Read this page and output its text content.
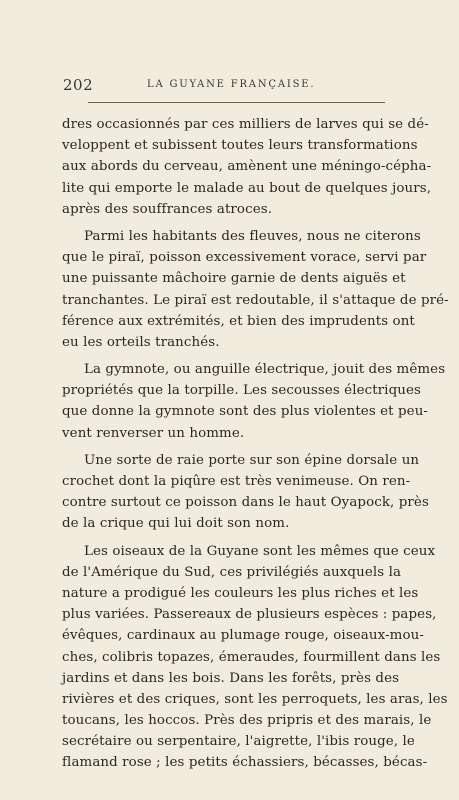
202	LA GUYANE FRANÇAISE.
dres occasionnés par ces milliers de larves qui se dé-
veloppent et subissent toutes leurs transformations
aux abords du cerveau, amènent une méningo-cépha-
lite qui emporte le malade au bout de quelques jours,
après des souffrances atroces.
Parmi les habitants des fleuves, nous ne citerons
que le piraï, poisson excessivement vorace, servi par
une puissante mâchoire garnie de dents aiguës et
tranchantes. Le piraï est redoutable, il s'attaque de pré-
férence aux extrémités, et bien des imprudents ont
eu les orteils tranchés.
La gymnote, ou anguille électrique, jouit des mêmes
propriétés que la torpille. Les secousses électriques
que donne la gymnote sont des plus violentes et peu-
vent renverser un homme.
Une sorte de raie porte sur son épine dorsale un
crochet dont la piqûre est très venimeuse. On ren-
contre surtout ce poisson dans le haut Oyapock, près
de la crique qui lui doit son nom.
Les oiseaux de la Guyane sont les mêmes que ceux
de l'Amérique du Sud, ces privilégiés auxquels la
nature a prodigué les couleurs les plus riches et les
plus variées. Passereaux de plusieurs espèces : papes,
évêques, cardinaux au plumage rouge, oiseaux-mou-
ches, colibris topazes, émeraudes, fourmillent dans les
jardins et dans les bois. Dans les forêts, près des
rivières et des criques, sont les perroquets, les aras, les
toucans, les hoccos. Près des pripris et des marais, le
secrétaire ou serpentaire, l'aigrette, l'ibis rouge, le
flamand rose ; les petits échassiers, bécasses, bécas-
